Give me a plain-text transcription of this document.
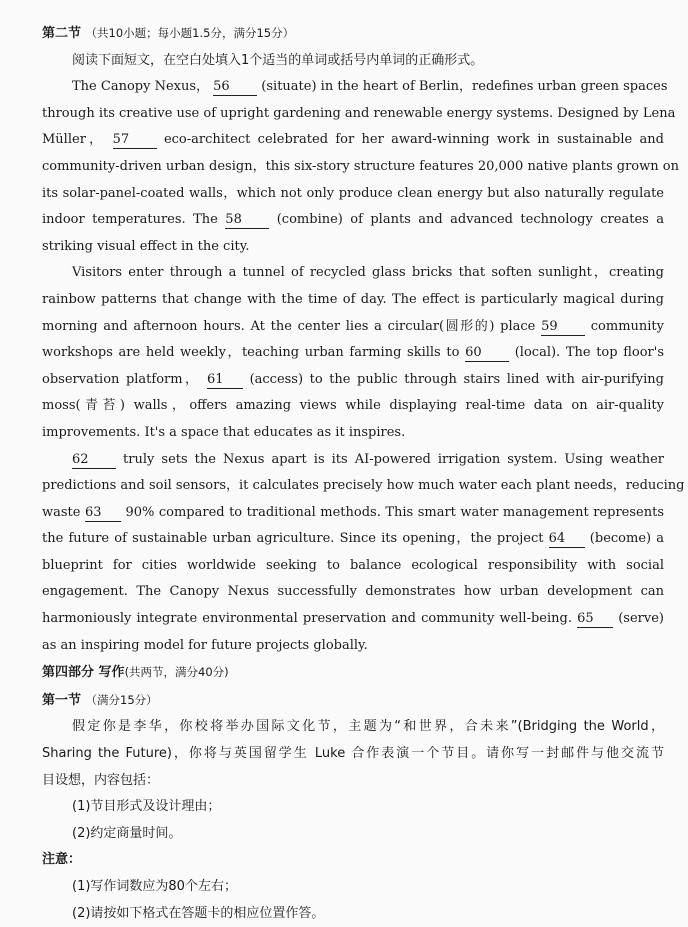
第二节 （共10小题；每小题1.5分，满分15分）

阅读下面短文，在空白处填入1个适当的单词或括号内单词的正确形式。

The Canopy Nexus， 56 (situate) in the heart of Berlin，redefines urban green spaces

through its creative use of upright gardening and renewable energy systems. Designed by Lena

Müller， 57	eco-architect celebrated for her award-winning work in sustainable and

community-driven urban design，this six-story structure features 20,000 native plants grown on

its solar-panel-coated walls，which not only produce clean energy but also naturally regulate

indoor temperatures. The 58	(combine) of plants and advanced technology creates a

striking visual effect in the city.

Visitors enter through a tunnel of recycled glass bricks that soften sunlight，creating

rainbow patterns that change with the time of day. The effect is particularly magical during

morning and afternoon hours. At the center lies a circular(圆形的) place 59	community

workshops are held weekly，teaching urban farming skills to 60	(local). The top floor's

observation platform， 61 (access) to the public through stairs lined with air-purifying

moss(青苔) walls，offers amazing views while displaying real-time data on air-quality

improvements. It's a space that educates as it inspires.

62	truly sets the Nexus apart is its AI-powered irrigation system. Using weather

predictions and soil sensors，it calculates precisely how much water each plant needs，reducing

waste 63 90% compared to traditional methods. This smart water management represents

the future of sustainable urban agriculture. Since its opening，the project 64 (become) a

blueprint for cities worldwide seeking to balance ecological responsibility with social

engagement. The Canopy Nexus successfully demonstrates how urban development can

harmoniously integrate environmental preservation and community well-being. 65 (serve)

as an inspiring model for future projects globally.

第四部分 写作(共两节，满分40分)

第一节 （满分15分）

假定你是李华，你校将举办国际文化节，主题为“和世界，合未来”(Bridging the World，

Sharing the Future)，你将与英国留学生 Luke 合作表演一个节目。请你写一封邮件与他交流节

目设想，内容包括：

(1)节目形式及设计理由；

(2)约定商量时间。

注意：

(1)写作词数应为80个左右；

(2)请按如下格式在答题卡的相应位置作答。
